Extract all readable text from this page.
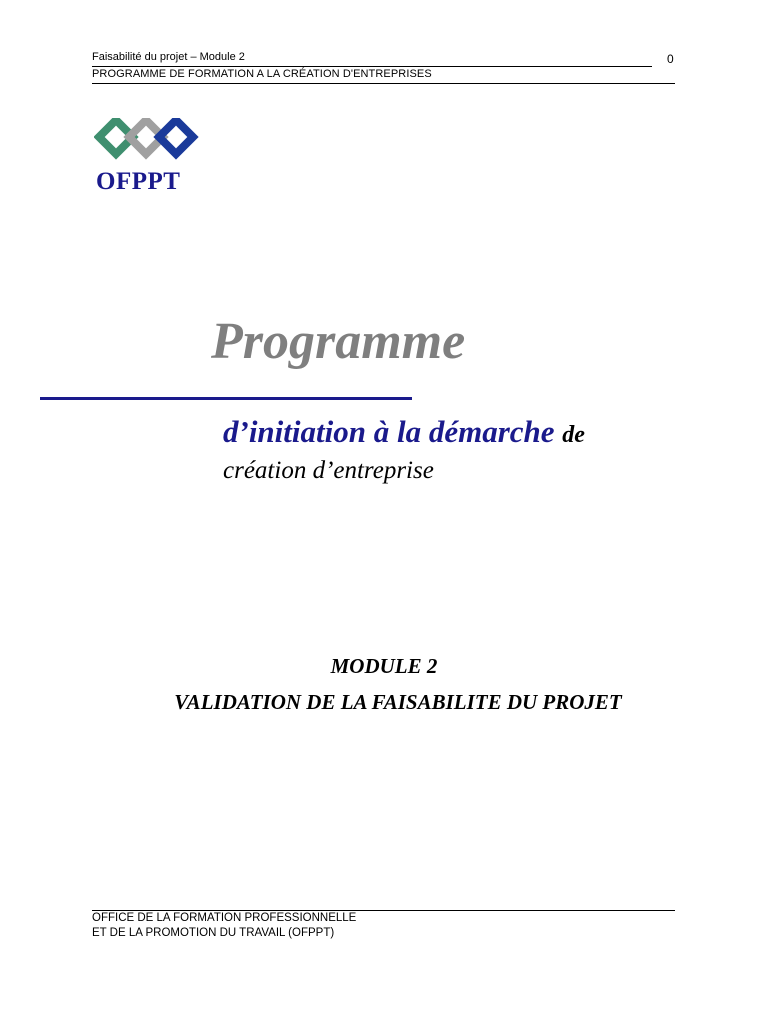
Faisabilité du projet – Module 2	0
PROGRAMME DE FORMATION A LA CRÉATION D'ENTREPRISES
OFPPT
Programme
d’initiation à la démarche de
création d’entreprise
MODULE 2
VALIDATION DE LA FAISABILITE DU PROJET
OFFICE DE LA FORMATION PROFESSIONNELLE
ET DE LA PROMOTION DU TRAVAIL (OFPPT)
